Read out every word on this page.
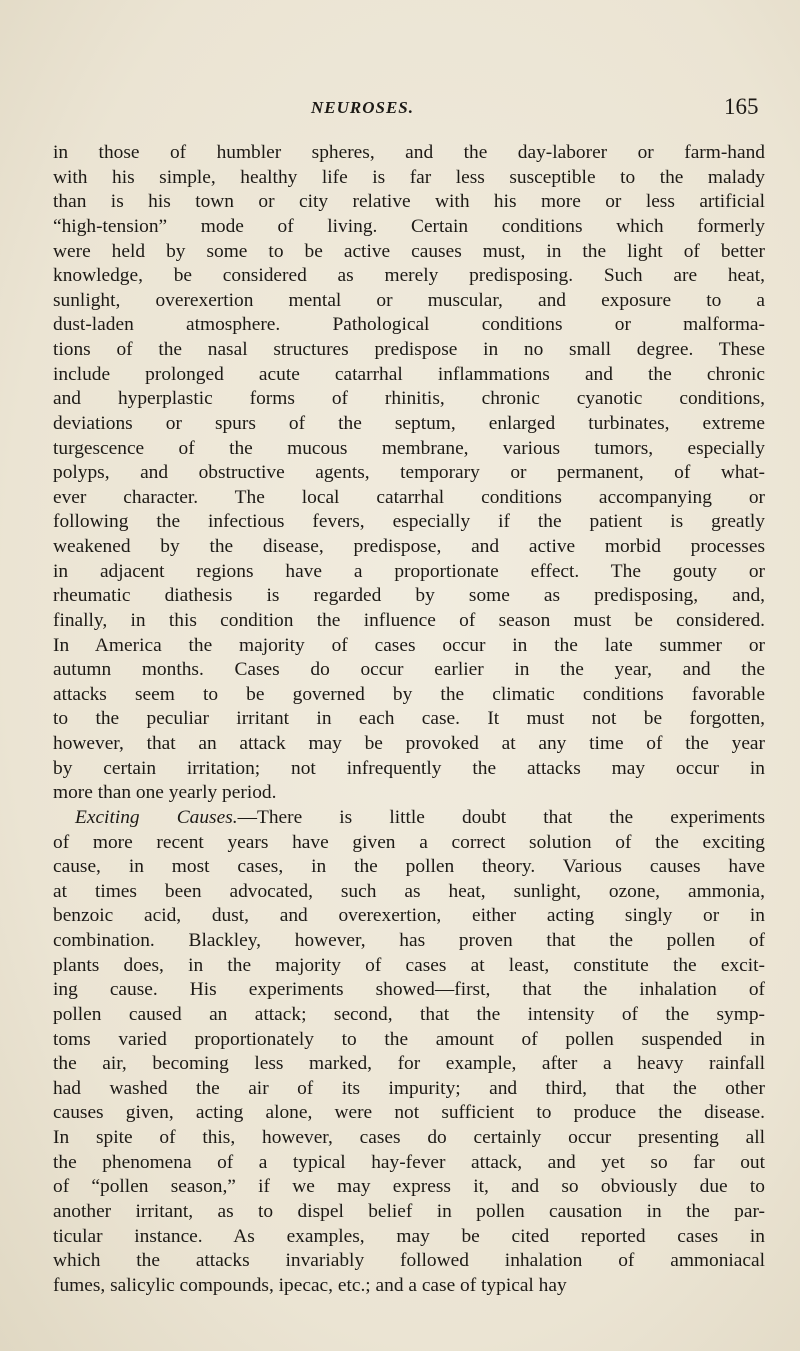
NEUROSES.	165
in those of humbler spheres, and the day-laborer or farm-hand
with his simple, healthy life is far less susceptible to the malady
than is his town or city relative with his more or less artificial
“high-tension” mode of living. Certain conditions which formerly
were held by some to be active causes must, in the light of better
knowledge, be considered as merely predisposing. Such are heat,
sunlight, overexertion mental or muscular, and exposure to a
dust-laden atmosphere. Pathological conditions or malforma-
tions of the nasal structures predispose in no small degree. These
include prolonged acute catarrhal inflammations and the chronic
and hyperplastic forms of rhinitis, chronic cyanotic conditions,
deviations or spurs of the septum, enlarged turbinates, extreme
turgescence of the mucous membrane, various tumors, especially
polyps, and obstructive agents, temporary or permanent, of what-
ever character. The local catarrhal conditions accompanying or
following the infectious fevers, especially if the patient is greatly
weakened by the disease, predispose, and active morbid processes
in adjacent regions have a proportionate effect. The gouty or
rheumatic diathesis is regarded by some as predisposing, and,
finally, in this condition the influence of season must be considered.
In America the majority of cases occur in the late summer or
autumn months. Cases do occur earlier in the year, and the
attacks seem to be governed by the climatic conditions favorable
to the peculiar irritant in each case. It must not be forgotten,
however, that an attack may be provoked at any time of the year
by certain irritation; not infrequently the attacks may occur in
more than one yearly period.
Exciting Causes.—There is little doubt that the experiments
of more recent years have given a correct solution of the exciting
cause, in most cases, in the pollen theory. Various causes have
at times been advocated, such as heat, sunlight, ozone, ammonia,
benzoic acid, dust, and overexertion, either acting singly or in
combination. Blackley, however, has proven that the pollen of
plants does, in the majority of cases at least, constitute the excit-
ing cause. His experiments showed—first, that the inhalation of
pollen caused an attack; second, that the intensity of the symp-
toms varied proportionately to the amount of pollen suspended in
the air, becoming less marked, for example, after a heavy rainfall
had washed the air of its impurity; and third, that the other
causes given, acting alone, were not sufficient to produce the disease.
In spite of this, however, cases do certainly occur presenting all
the phenomena of a typical hay-fever attack, and yet so far out
of “pollen season,” if we may express it, and so obviously due to
another irritant, as to dispel belief in pollen causation in the par-
ticular instance. As examples, may be cited reported cases in
which the attacks invariably followed inhalation of ammoniacal
fumes, salicylic compounds, ipecac, etc.; and a case of typical hay
